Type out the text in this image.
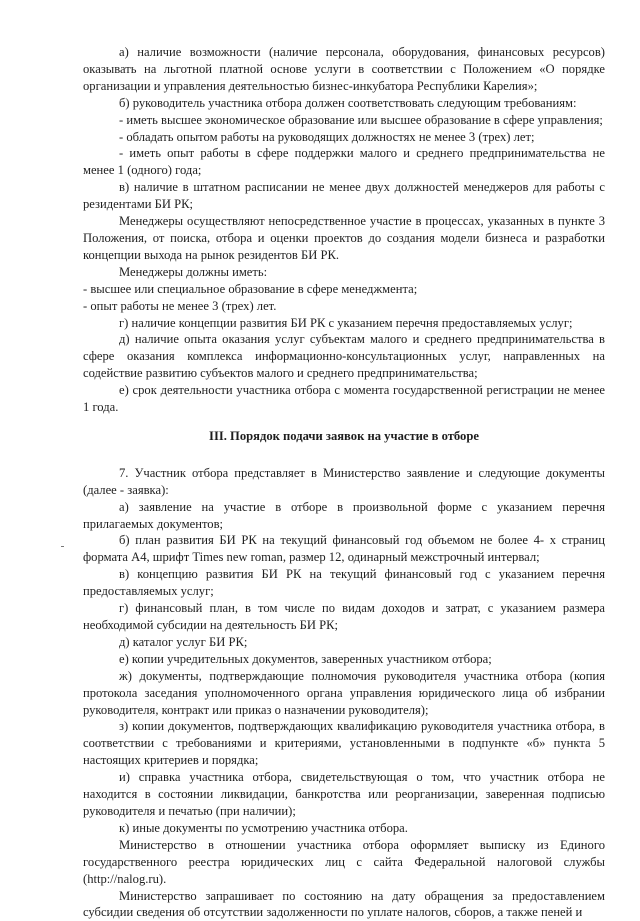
а) наличие возможности (наличие персонала, оборудования, финансовых ресурсов) оказывать на льготной платной основе услуги в соответствии с Положением «О порядке организации и управления деятельностью бизнес-инкубатора Республики Карелия»;

б) руководитель участника отбора должен соответствовать следующим требованиям:

- иметь высшее экономическое образование или высшее образование в сфере управления;

- обладать опытом работы на руководящих должностях не менее 3 (трех) лет;

- иметь опыт работы в сфере поддержки малого и среднего предпринимательства не менее 1 (одного) года;

в) наличие в штатном расписании не менее двух должностей менеджеров для работы с резидентами БИ РК;

Менеджеры осуществляют непосредственное участие в процессах, указанных в пункте 3 Положения, от поиска, отбора и оценки проектов до создания модели бизнеса и разработки концепции выхода на рынок резидентов БИ РК.

Менеджеры должны иметь:

- высшее или специальное образование в сфере менеджмента;

- опыт работы не менее 3 (трех) лет.

г) наличие концепции развития БИ РК с указанием перечня предоставляемых услуг;

д) наличие опыта оказания услуг субъектам малого и среднего предпринимательства в сфере оказания комплекса информационно-консультационных услуг, направленных на содействие развитию субъектов малого и среднего предпринимательства;

е) срок деятельности участника отбора с момента государственной регистрации не менее 1 года.

III. Порядок подачи заявок на участие в отборе

7. Участник отбора представляет в Министерство заявление и следующие документы (далее - заявка):

а) заявление на участие в отборе в произвольной форме с указанием перечня прилагаемых документов;

б) план развития БИ РК на текущий финансовый год объемом не более 4- х страниц формата А4, шрифт Times new roman, размер 12, одинарный межстрочный интервал;

в) концепцию развития БИ РК на текущий финансовый год с указанием перечня предоставляемых услуг;

г) финансовый план, в том числе по видам доходов и затрат, с указанием размера необходимой субсидии на деятельность БИ РК;

д) каталог услуг БИ РК;

е) копии учредительных документов, заверенных участником отбора;

ж) документы, подтверждающие полномочия руководителя участника отбора (копия протокола заседания уполномоченного органа управления юридического лица об избрании руководителя, контракт или приказ о назначении руководителя);

з) копии документов, подтверждающих квалификацию руководителя участника отбора, в соответствии с требованиями и критериями, установленными в подпункте «б» пункта 5 настоящих критериев и порядка;

и) справка участника отбора, свидетельствующая о том, что участник отбора не находится в состоянии ликвидации, банкротства или реорганизации, заверенная подписью руководителя и печатью (при наличии);

к) иные документы по усмотрению участника отбора.

Министерство в отношении участника отбора оформляет выписку из Единого государственного реестра юридических лиц с сайта Федеральной налоговой службы (http://nalog.ru).

Министерство запрашивает по состоянию на дату обращения за предоставлением субсидии сведения об отсутствии задолженности по уплате налогов, сборов, а также пеней и
